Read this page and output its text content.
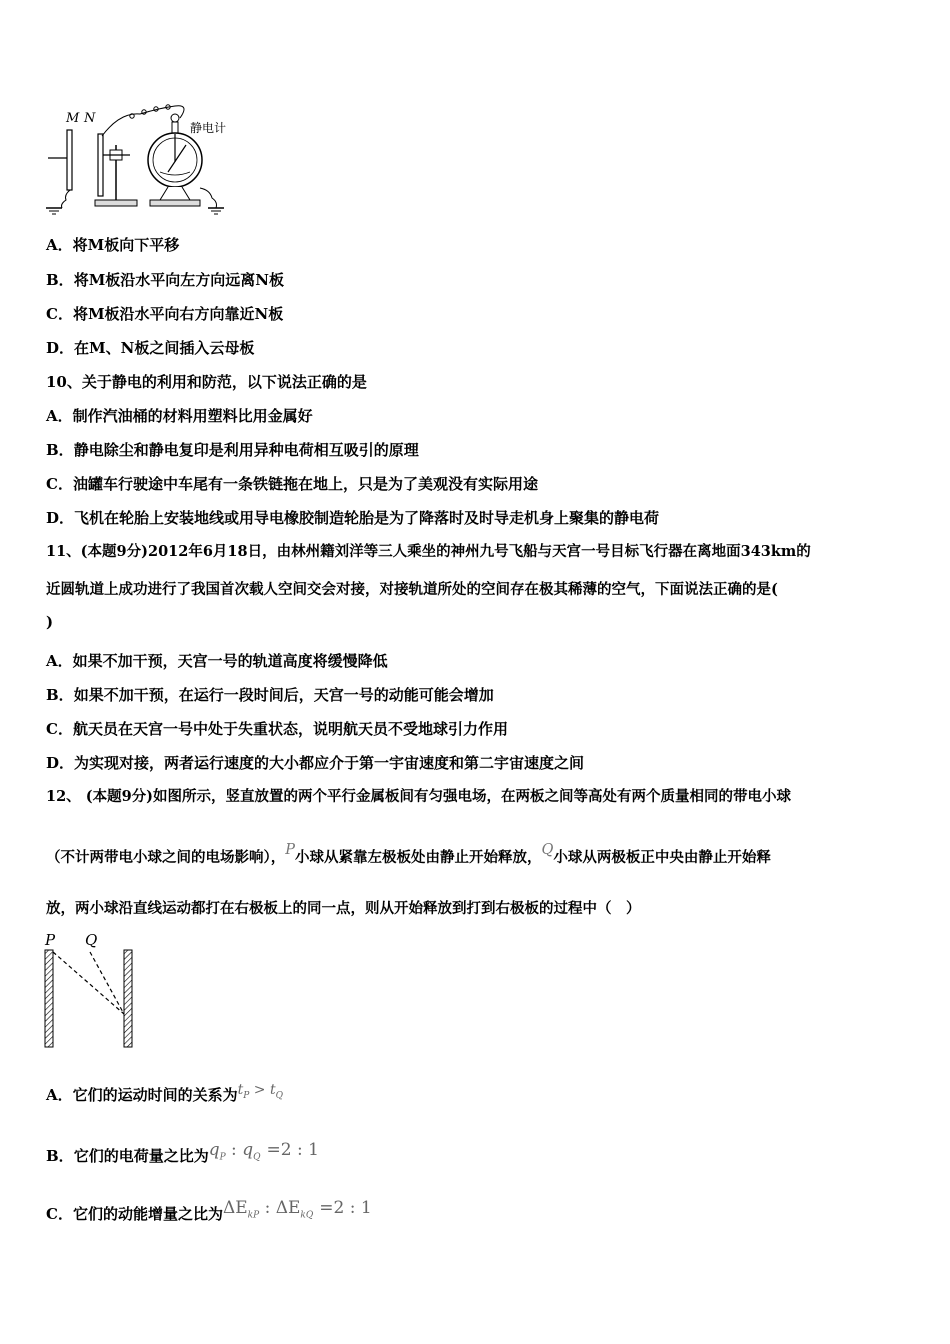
M N
静电计
A．将M板向下平移
B．将M板沿水平向左方向远离N板
C．将M板沿水平向右方向靠近N板
D．在M、N板之间插入云母板
10、关于静电的利用和防范，以下说法正确的是
A．制作汽油桶的材料用塑料比用金属好
B．静电除尘和静电复印是利用异种电荷相互吸引的原理
C．油罐车行驶途中车尾有一条铁链拖在地上，只是为了美观没有实际用途
D．飞机在轮胎上安装地线或用导电橡胶制造轮胎是为了降落时及时导走机身上聚集的静电荷
11、(本题9分)2012年6月18日，由林州籍刘洋等三人乘坐的神州九号飞船与天宫一号目标飞行器在离地面343km的
近圆轨道上成功进行了我国首次载人空间交会对接，对接轨道所处的空间存在极其稀薄的空气，下面说法正确的是(
)
A．如果不加干预，天宫一号的轨道高度将缓慢降低
B．如果不加干预，在运行一段时间后，天宫一号的动能可能会增加
C．航天员在天宫一号中处于失重状态，说明航天员不受地球引力作用
D．为实现对接，两者运行速度的大小都应介于第一宇宙速度和第二宇宙速度之间
12、 (本题9分)如图所示，竖直放置的两个平行金属板间有匀强电场，在两板之间等高处有两个质量相同的带电小球
（不计两带电小球之间的电场影响），P小球从紧靠左极板处由静止开始释放，Q小球从两极板正中央由静止开始释
放，两小球沿直线运动都打在右极板上的同一点，则从开始释放到打到右极板的过程中（　）
P Q
A．它们的运动时间的关系为$t_P > t_Q$
B．它们的电荷量之比为$q_P$ : $q_Q =2$ : 1
C．它们的动能增量之比为$\Delta E_{kP}$ : $\Delta E_{kQ} =2$ : 1
